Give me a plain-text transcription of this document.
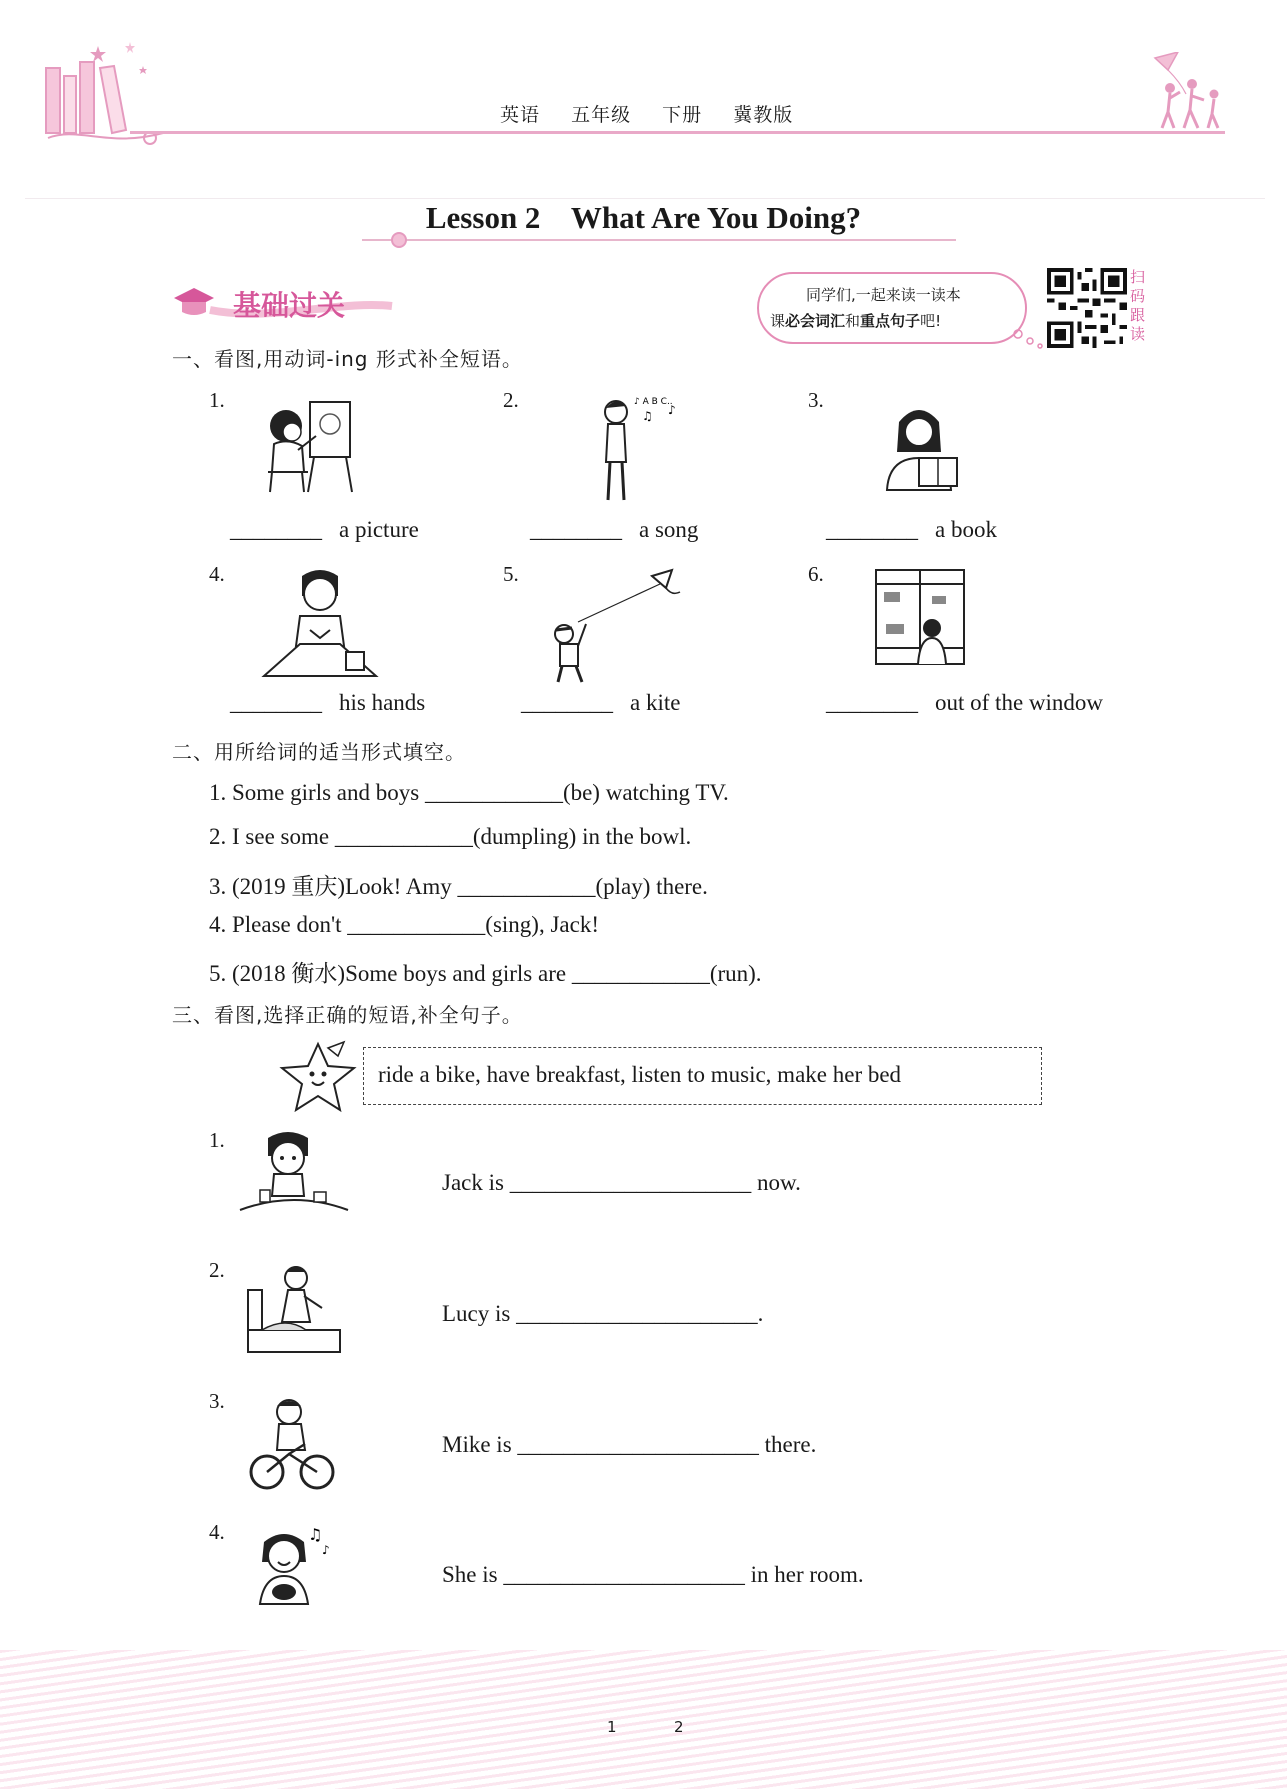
英语 五年级 下册 冀教版
Lesson 2    What Are You Doing?
基础过关	同学们,一起来读一读本
课必会词汇和重点句子吧!
扫码跟读
一、看图,用动词-ing 形式补全短语。
1.
________ a picture
2.	♪ A B C..
♫ ♪
________ a song
3.
________ a book
4.
________ his hands
5.
________ a kite
6.
________ out of the window
二、用所给词的适当形式填空。
1. Some girls and boys ____________(be) watching TV.
2. I see some ____________(dumpling) in the bowl.
3. (2019 重庆)Look! Amy ____________(play) there.
4. Please don't ____________(sing), Jack!
5. (2018 衡水)Some boys and girls are ____________(run).
三、看图,选择正确的短语,补全句子。
ride a bike, have breakfast, listen to music, make her bed
1.
Jack is _____________________ now.
2.
Lucy is _____________________.
3.
Mike is _____________________ there.
4.	♫
♪
She is _____________________ in her room.
1	2
